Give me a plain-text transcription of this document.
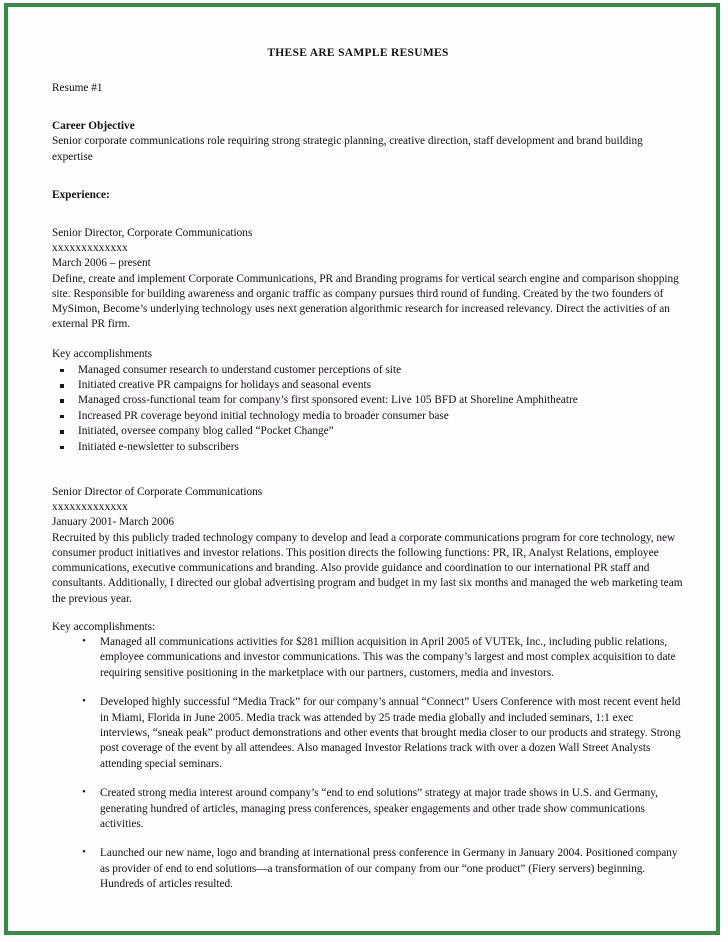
THESE ARE SAMPLE RESUMES
Resume #1
Career Objective
Senior corporate communications role requiring strong strategic planning, creative direction, staff development and brand building expertise
Experience:
Senior Director, Corporate Communications
xxxxxxxxxxxxx
March 2006 – present
Define, create and implement Corporate Communications, PR and Branding programs for vertical search engine and comparison shopping site. Responsible for building awareness and organic traffic as company pursues third round of funding. Created by the two founders of MySimon, Become’s underlying technology uses next generation algorithmic research for increased relevancy. Direct the activities of an external PR firm.
Key accomplishments
Managed consumer research to understand customer perceptions of site
Initiated creative PR campaigns for holidays and seasonal events
Managed cross-functional team for company’s first sponsored event: Live 105 BFD at Shoreline Amphitheatre
Increased PR coverage beyond initial technology media to broader consumer base
Initiated, oversee company blog called “Pocket Change”
Initiated e-newsletter to subscribers
Senior Director of Corporate Communications
xxxxxxxxxxxxx
January 2001- March 2006
Recruited by this publicly traded technology company to develop and lead a corporate communications program for core technology, new consumer product initiatives and investor relations. This position directs the following functions: PR, IR, Analyst Relations, employee communications, executive communications and branding. Also provide guidance and coordination to our international PR staff and consultants. Additionally, I directed our global advertising program and budget in my last six months and managed the web marketing team the previous year.
Key accomplishments:
• Managed all communications activities for $281 million acquisition in April 2005 of VUTEk, Inc., including public relations, employee communications and investor communications. This was the company’s largest and most complex acquisition to date requiring sensitive positioning in the marketplace with our partners, customers, media and investors.
• Developed highly successful “Media Track” for our company’s annual “Connect” Users Conference with most recent event held in Miami, Florida in June 2005. Media track was attended by 25 trade media globally and included seminars, 1:1 exec interviews, “sneak peak” product demonstrations and other events that brought media closer to our products and strategy. Strong post coverage of the event by all attendees. Also managed Investor Relations track with over a dozen Wall Street Analysts attending special seminars.
• Created strong media interest around company’s “end to end solutions” strategy at major trade shows in U.S. and Germany, generating hundred of articles, managing press conferences, speaker engagements and other trade show communications activities.
• Launched our new name, logo and branding at international press conference in Germany in January 2004. Positioned company as provider of end to end solutions—a transformation of our company from our “one product” (Fiery servers) beginning. Hundreds of articles resulted.
